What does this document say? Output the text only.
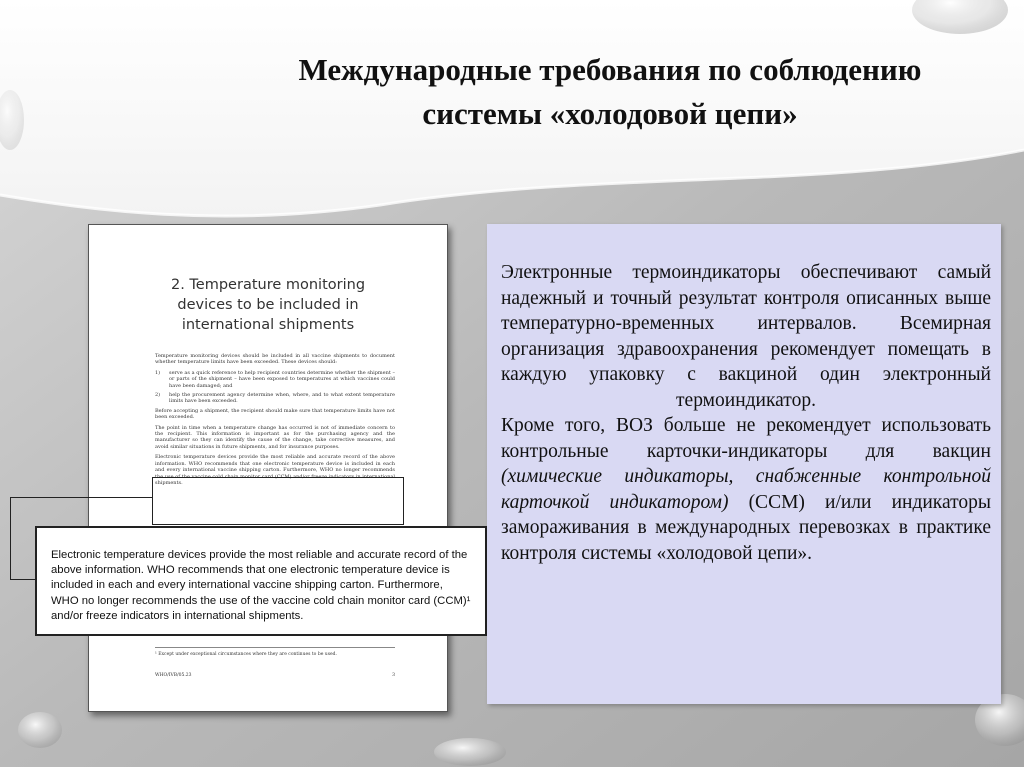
Международные требования по соблюдению
системы «холодовой цепи»
2. Temperature monitoring
devices to be included in
international shipments

Temperature monitoring devices should be included in all vaccine shipments to document whether temperature limits have been exceeded. These devices should:

1)	serve as a quick reference to help recipient countries determine whether the shipment – or parts of the shipment – have been exposed to temperatures at which vaccines could have been damaged; and
2)	help the procurement agency determine when, where, and to what extent temperature limits have been exceeded.

Before accepting a shipment, the recipient should make sure that temperature limits have not been exceeded.

The point in time when a temperature change has occurred is not of immediate concern to the recipient. This information is important as for the purchasing agency and the manufacturer so they can identify the cause of the change, take corrective measures, and avoid similar situations in future shipments, and for insurance purposes.

Electronic temperature devices provide the most reliable and accurate record of the above information. WHO recommends that one electronic temperature device is included in each and every international vaccine shipping carton. Furthermore, WHO no longer recommends the use of the vaccine cold chain monitor card (CCM) and/or freeze indicators in international shipments.

¹ Except under exceptional circumstances where they are continues to be used.
WHO/IVB/05.23	3
Electronic temperature devices provide the most reliable and accurate record of the above information. WHO recommends that one electronic temperature device is included in each and every international vaccine shipping carton. Furthermore, WHO no longer recommends the use of the vaccine cold chain monitor card (CCM)¹ and/or freeze indicators in international shipments.

Электронные термоиндикаторы обеспечивают самый надежный и точный результат контроля описанных выше температурно-временных интервалов. Всемирная организация здравоохранения рекомендует помещать в каждую упаковку с вакциной один электронный

термоиндикатор.

Кроме того, ВОЗ больше не рекомендует использовать контрольные карточки-индикаторы для вакцин (химические индикаторы, снабженные контрольной карточкой индикатором) (ССМ) и/или индикаторы замораживания в международных перевозках в практике контроля системы «холодовой цепи».
